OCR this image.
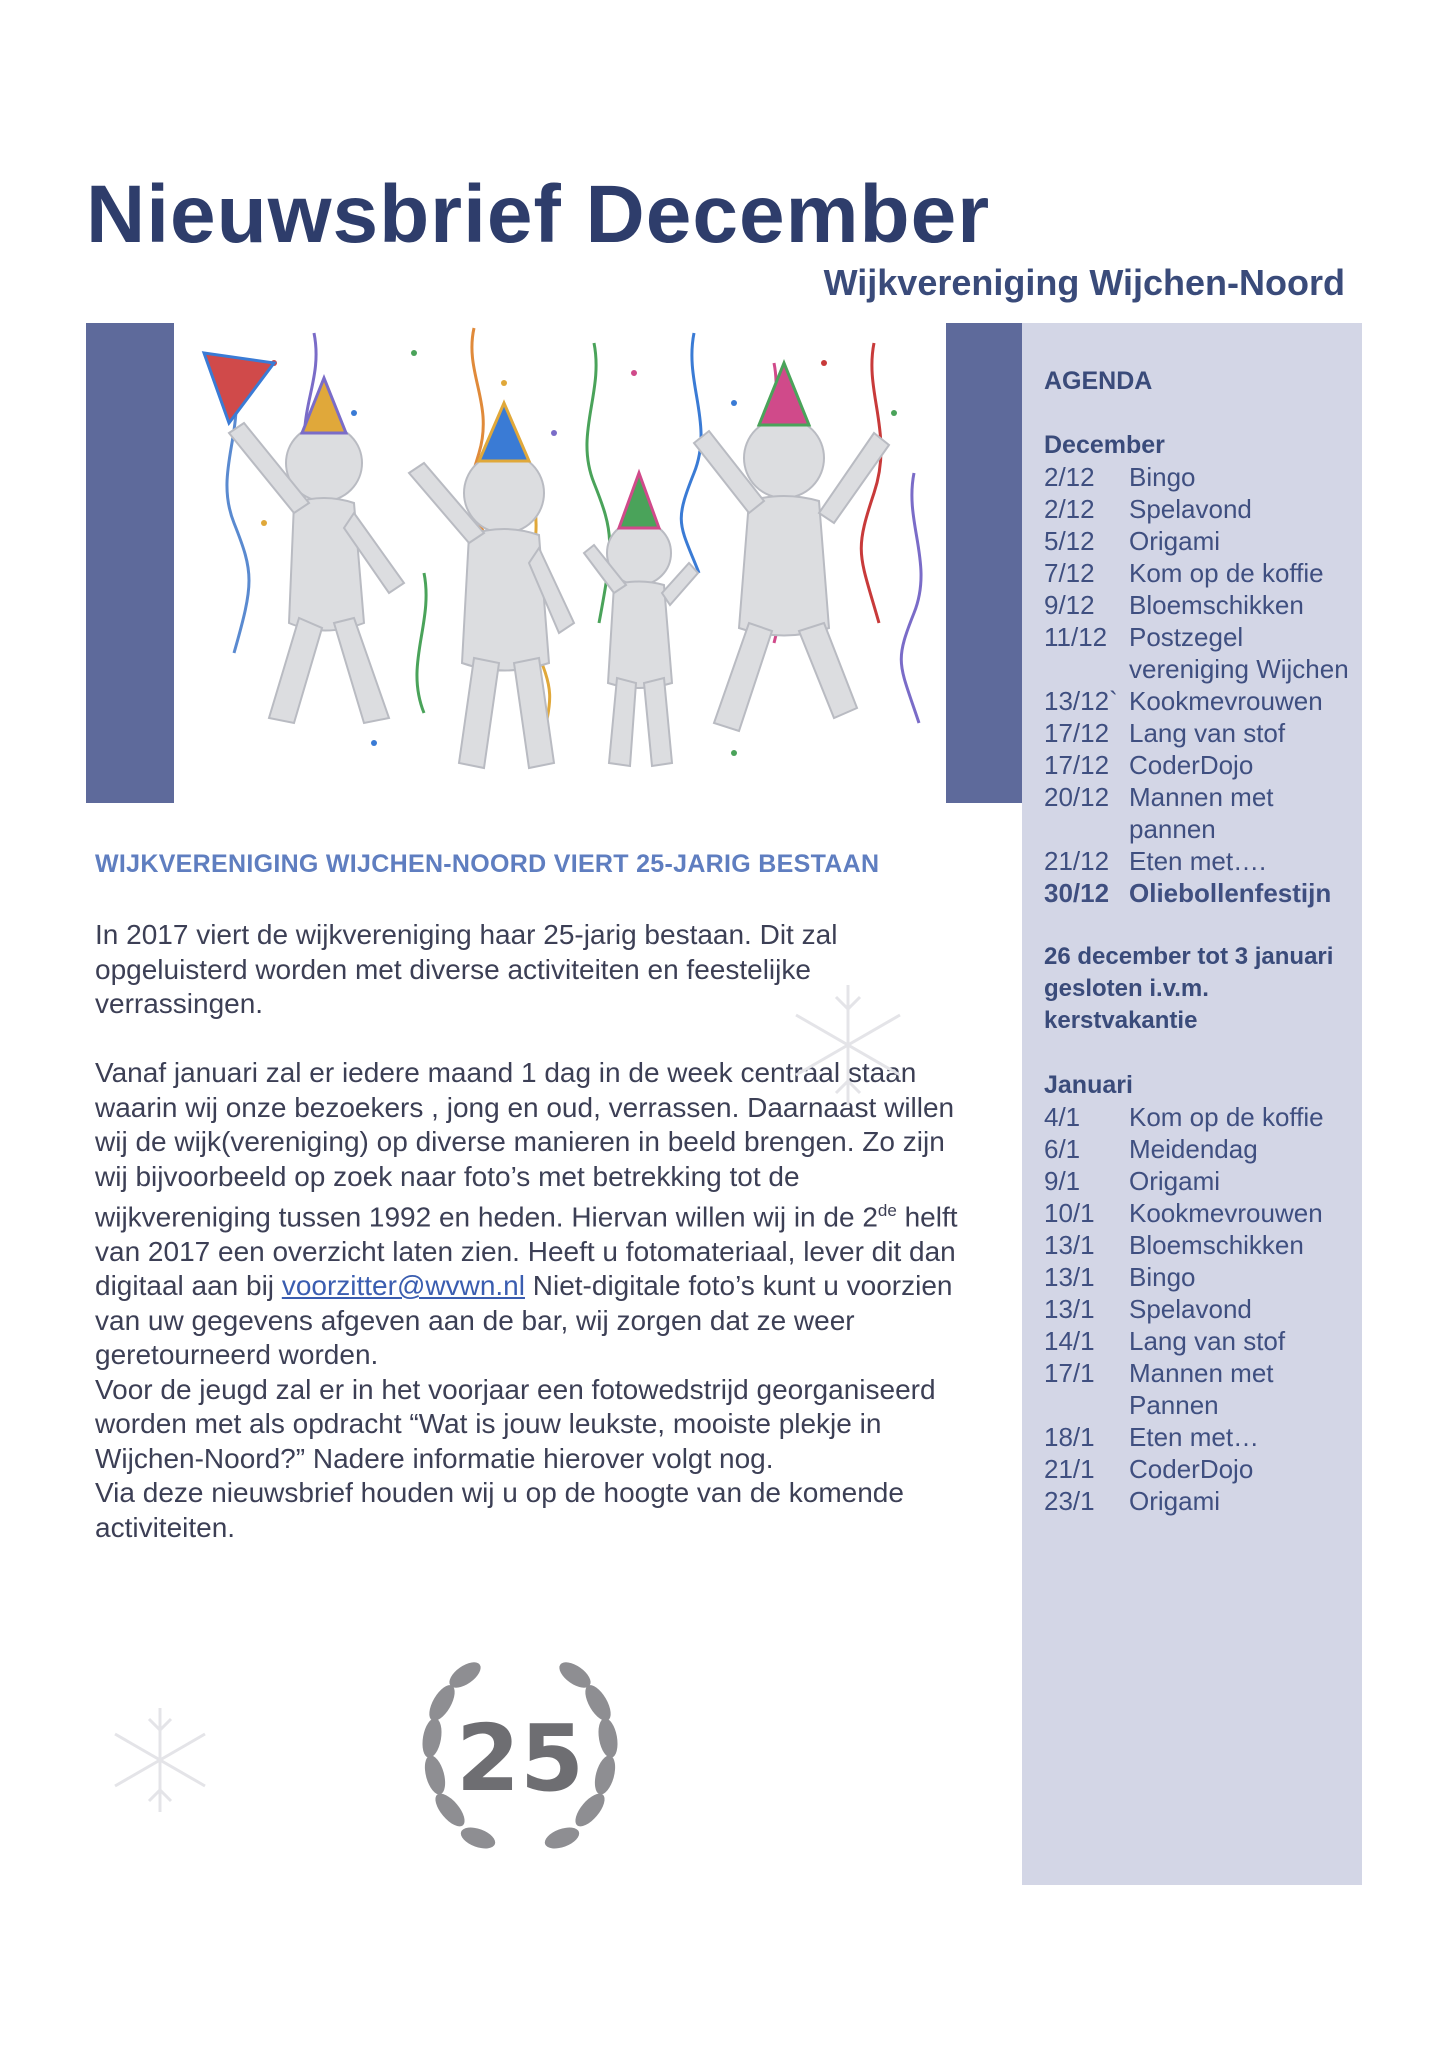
Nieuwsbrief December
Wijkvereniging Wijchen-Noord
AGENDA
December
2/12	Bingo
2/12	Spelavond
5/12	Origami
7/12	Kom op de koffie
9/12	Bloemschikken
11/12 Postzegel vereniging Wijchen
13/12` Kookmevrouwen
17/12 Lang van stof
17/12 CoderDojo
20/12 Mannen met pannen
21/12 Eten met….
30/12 Oliebollenfestijn
26 december tot 3 januari gesloten i.v.m. kerstvakantie
Januari
4/1	Kom op de koffie
6/1	Meidendag
9/1	Origami
10/1	Kookmevrouwen
13/1	Bloemschikken
13/1	Bingo
13/1	Spelavond
14/1	Lang van stof
17/1	Mannen met Pannen
18/1	Eten met…
21/1	CoderDojo
23/1	Origami
WIJKVERENIGING WIJCHEN-NOORD VIERT 25-JARIG BESTAAN

In 2017 viert de wijkvereniging haar 25-jarig bestaan. Dit zal opgeluisterd worden met diverse activiteiten en feestelijke verrassingen.

Vanaf januari zal er iedere maand 1 dag in de week centraal staan waarin wij onze bezoekers , jong en oud, verrassen. Daarnaast willen wij de wijk(vereniging) op diverse manieren in beeld brengen. Zo zijn wij bijvoorbeeld op zoek naar foto’s met betrekking tot de wijkvereniging tussen 1992 en heden. Hiervan willen wij in de 2de helft van 2017 een overzicht laten zien. Heeft u fotomateriaal, lever dit dan digitaal aan bij voorzitter@wvwn.nl Niet-digitale foto’s kunt u voorzien van uw gegevens afgeven aan de bar, wij zorgen dat ze weer geretourneerd worden.

Voor de jeugd zal er in het voorjaar een fotowedstrijd georganiseerd worden met als opdracht “Wat is jouw leukste, mooiste plekje in Wijchen-Noord?” Nadere informatie hierover volgt nog.

Via deze nieuwsbrief houden wij u op de hoogte van de komende activiteiten.

25
